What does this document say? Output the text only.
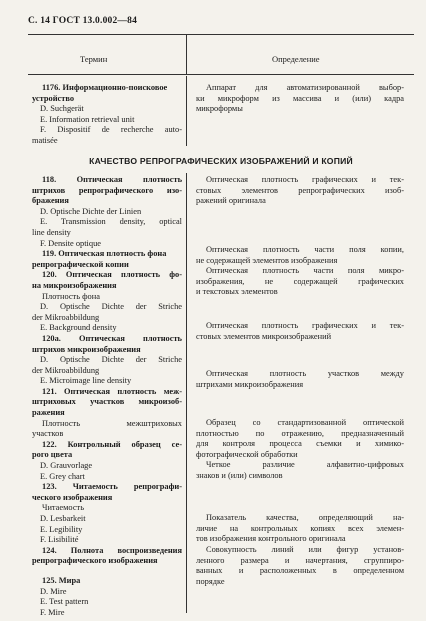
С. 14 ГОСТ 13.0.002—84
Термин	Определение
1176. Информационно-поисковое
устройство
D. Suchgerät
E. Information retrieval unit
F. Dispositif de recherche auto-
matisée
Аппарат для автоматизированной выбор-
ки микроформ из массива и (или) кадра
микроформы
КАЧЕСТВО РЕПРОГРАФИЧЕСКИХ ИЗОБРАЖЕНИЙ И КОПИЙ
118. Оптическая плотность
штрихов репрографического изо-
бражения
D. Optische Dichte der Linien
E. Transmission density, optical
line density
F. Densite optique
119. Оптическая плотность фона
репрографической копии
120. Оптическая плотность фо-
на микроизображения
Плотность фона
D. Optische Dichte der Striche
der Mikroabbildung
E. Background density
120а. Оптическая плотность
штрихов микроизображения
D. Optische Dichte der Striche
der Mikroabbildung
E. Microimage line density
121. Оптическая плотность меж-
штриховых участков микроизоб-
ражения
Плотность межштриховых
участков
122. Контрольный образец се-
рого цвета
D. Grauvorlage
E. Grey chart
123. Читаемость репрографи-
ческого изображения
Читаемость
D. Lesbarkeit
E. Legibility
F. Lisibilité
124. Полнота воспроизведения
репрографического изображения
125. Мира
D. Mire
E. Test pattern
F. Mire
Оптическая плотность графических и тек-
стовых элементов репрографических изоб-
ражений оригинала
Оптическая плотность части поля копии,
не содержащей элементов изображения
Оптическая плотность части поля микро-
изображения, не содержащей графических
и текстовых элементов
Оптическая плотность графических и тек-
стовых элементов микроизображений
Оптическая плотность участков между
штрихами микроизображения
Образец со стандартизованной оптической
плотностью по отражению, предназначенный
для контроля процесса съемки и химико-
фотографической обработки
Четкое различие алфавитно-цифровых
знаков и (или) символов
Показатель качества, определяющий на-
личие на контрольных копиях всех элемен-
тов изображения контрольного оригинала
Совокупность линий или фигур установ-
ленного размера и начертания, сгруппиро-
ванных и расположенных в определенном
порядке
